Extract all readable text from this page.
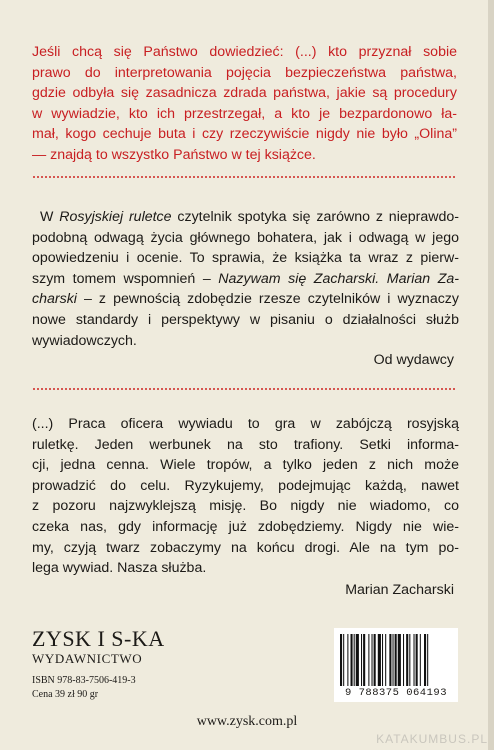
Jeśli chcą się Państwo dowiedzieć: (...) kto przyznał sobie
prawo do interpretowania pojęcia bezpieczeństwa państwa,
gdzie odbyła się zasadnicza zdrada państwa, jakie są procedury
w wywiadzie, kto ich przestrzegał, a kto je bezpardonowo ła-
mał, kogo cechuje buta i czy rzeczywiście nigdy nie było „Olina”
— znajdą to wszystko Państwo w tej książce.

W Rosyjskiej ruletce czytelnik spotyka się zarówno z nieprawdo-
podobną odwagą życia głównego bohatera, jak i odwagą w jego
opowiedzeniu i ocenie. To sprawia, że książka ta wraz z pierw-
szym tomem wspomnień – Nazywam się Zacharski. Marian Za-
charski – z pewnością zdobędzie rzesze czytelników i wyznaczy
nowe standardy i perspektywy w pisaniu o działalności służb
wywiadowczych.

Od wydawcy

(...) Praca oficera wywiadu to gra w zabójczą rosyjską
ruletkę. Jeden werbunek na sto trafiony. Setki informa-
cji, jedna cenna. Wiele tropów, a tylko jeden z nich może
prowadzić do celu. Ryzykujemy, podejmując każdą, nawet
z pozoru najzwyklejszą misję. Bo nigdy nie wiadomo, co
czeka nas, gdy informację już zdobędziemy. Nigdy nie wie-
my, czyją twarz zobaczymy na końcu drogi. Ale na tym po-
lega wywiad. Nasza służba.

Marian Zacharski
ZYSK I S-KA
WYDAWNICTWO
ISBN 978-83-7506-419-3
Cena 39 zł 90 gr	9 788375 064193
www.zysk.com.pl
KATAKUMBUS.PL
